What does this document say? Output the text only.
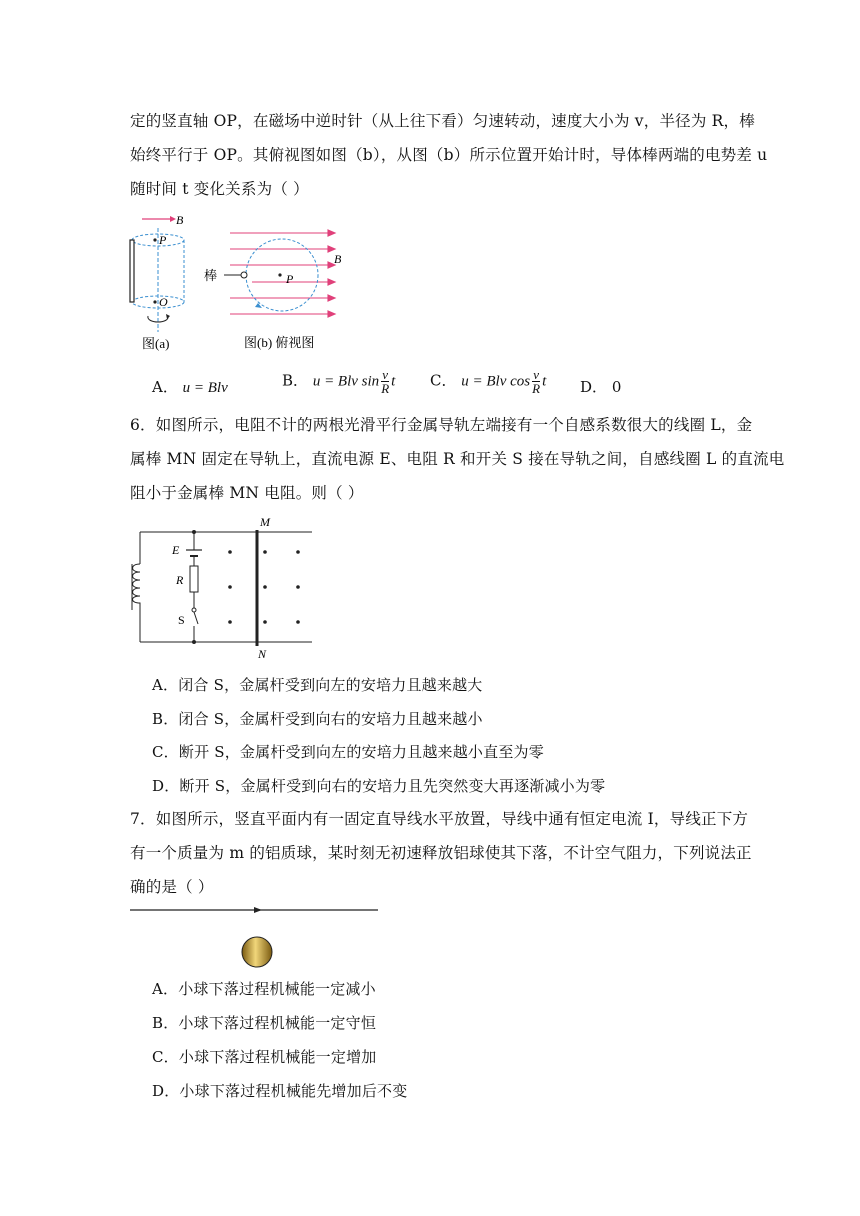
定的竖直轴 OP，在磁场中逆时针（从上往下看）匀速转动，速度大小为 v，半径为 R，棒
始终平行于 OP。其俯视图如图（b），从图（b）所示位置开始计时，导体棒两端的电势差 u
随时间 t 变化关系为（ ）
B
P
O
图(a)
B
P
棒
图(b) 俯视图
A． u = Blv	B． u = Blv $\sin \frac{v}{R}$ t C． u = Blv $\cos \frac{v}{R}$ t D． 0
6．如图所示，电阻不计的两根光滑平行金属导轨左端接有一个自感系数很大的线圈 L，金
属棒 MN 固定在导轨上，直流电源 E、电阻 R 和开关 S 接在导轨之间，自感线圈 L 的直流电
阻小于金属棒 MN 电阻。则（ ）
M
N
E
R
S
A．闭合 S，金属杆受到向左的安培力且越来越大
B．闭合 S，金属杆受到向右的安培力且越来越小
C．断开 S，金属杆受到向左的安培力且越来越小直至为零
D．断开 S，金属杆受到向右的安培力且先突然变大再逐渐减小为零
7．如图所示，竖直平面内有一固定直导线水平放置，导线中通有恒定电流 I，导线正下方
有一个质量为 m 的铝质球，某时刻无初速释放铝球使其下落，不计空气阻力，下列说法正
确的是（ ）
A．小球下落过程机械能一定减小
B．小球下落过程机械能一定守恒
C．小球下落过程机械能一定增加
D．小球下落过程机械能先增加后不变
